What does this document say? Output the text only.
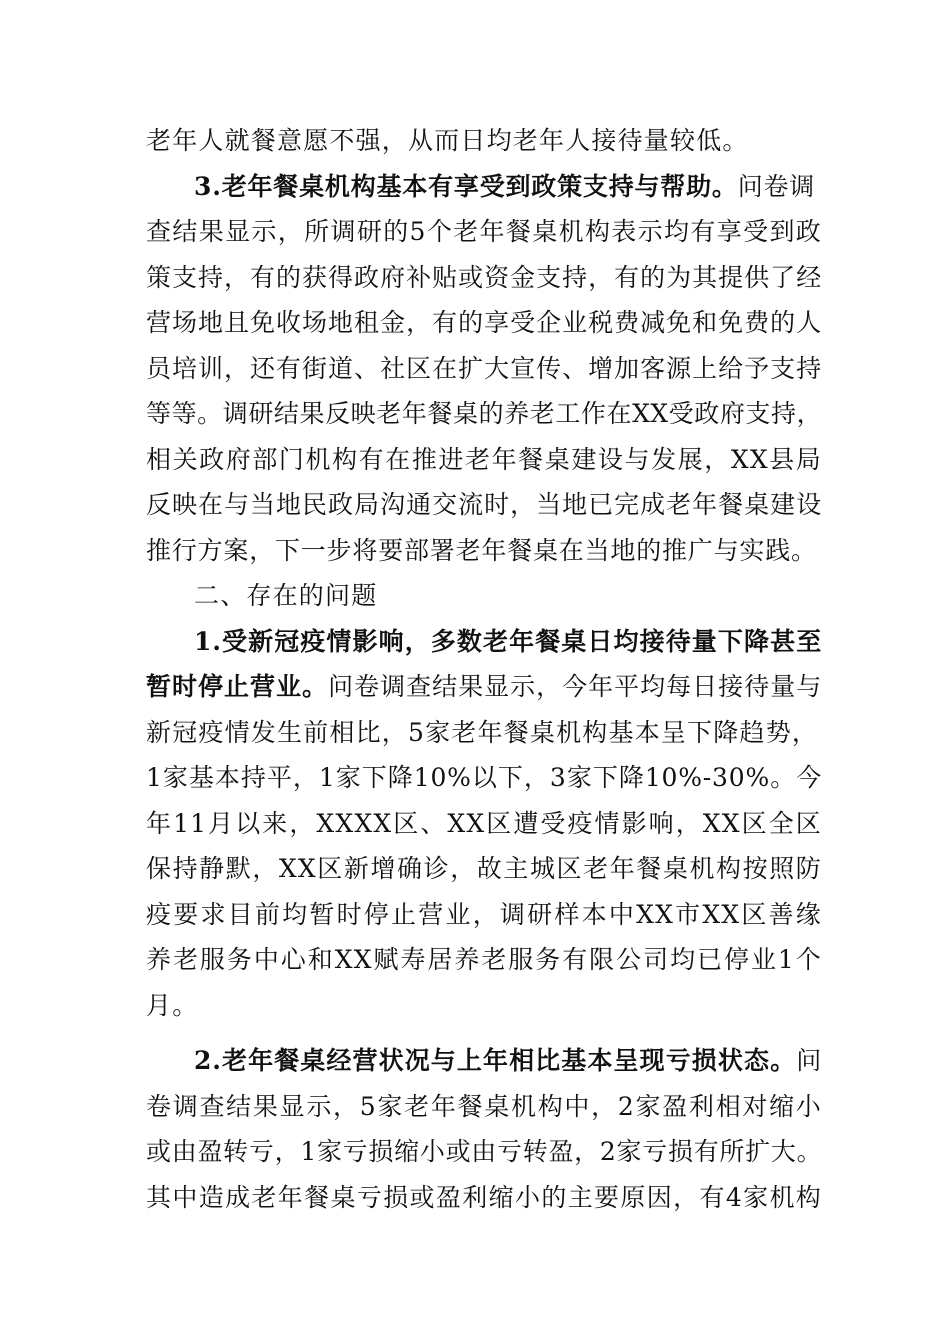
老年人就餐意愿不强，从而日均老年人接待量较低。
3.老年餐桌机构基本有享受到政策支持与帮助。问卷调
查结果显示，所调研的5个老年餐桌机构表示均有享受到政
策支持，有的获得政府补贴或资金支持，有的为其提供了经
营场地且免收场地租金，有的享受企业税费减免和免费的人
员培训，还有街道、社区在扩大宣传、增加客源上给予支持
等等。调研结果反映老年餐桌的养老工作在XX受政府支持，
相关政府部门机构有在推进老年餐桌建设与发展，XX县局
反映在与当地民政局沟通交流时，当地已完成老年餐桌建设
推行方案，下一步将要部署老年餐桌在当地的推广与实践。
二、存在的问题
1.受新冠疫情影响，多数老年餐桌日均接待量下降甚至
暂时停止营业。问卷调查结果显示，今年平均每日接待量与
新冠疫情发生前相比，5家老年餐桌机构基本呈下降趋势，
1家基本持平，1家下降10%以下，3家下降10%-30%。今
年11月以来，XXXX区、XX区遭受疫情影响，XX区全区
保持静默，XX区新增确诊，故主城区老年餐桌机构按照防
疫要求目前均暂时停止营业，调研样本中XX市XX区善缘
养老服务中心和XX赋寿居养老服务有限公司均已停业1个
月。
2.老年餐桌经营状况与上年相比基本呈现亏损状态。问
卷调查结果显示，5家老年餐桌机构中，2家盈利相对缩小
或由盈转亏，1家亏损缩小或由亏转盈，2家亏损有所扩大。
其中造成老年餐桌亏损或盈利缩小的主要原因，有4家机构
